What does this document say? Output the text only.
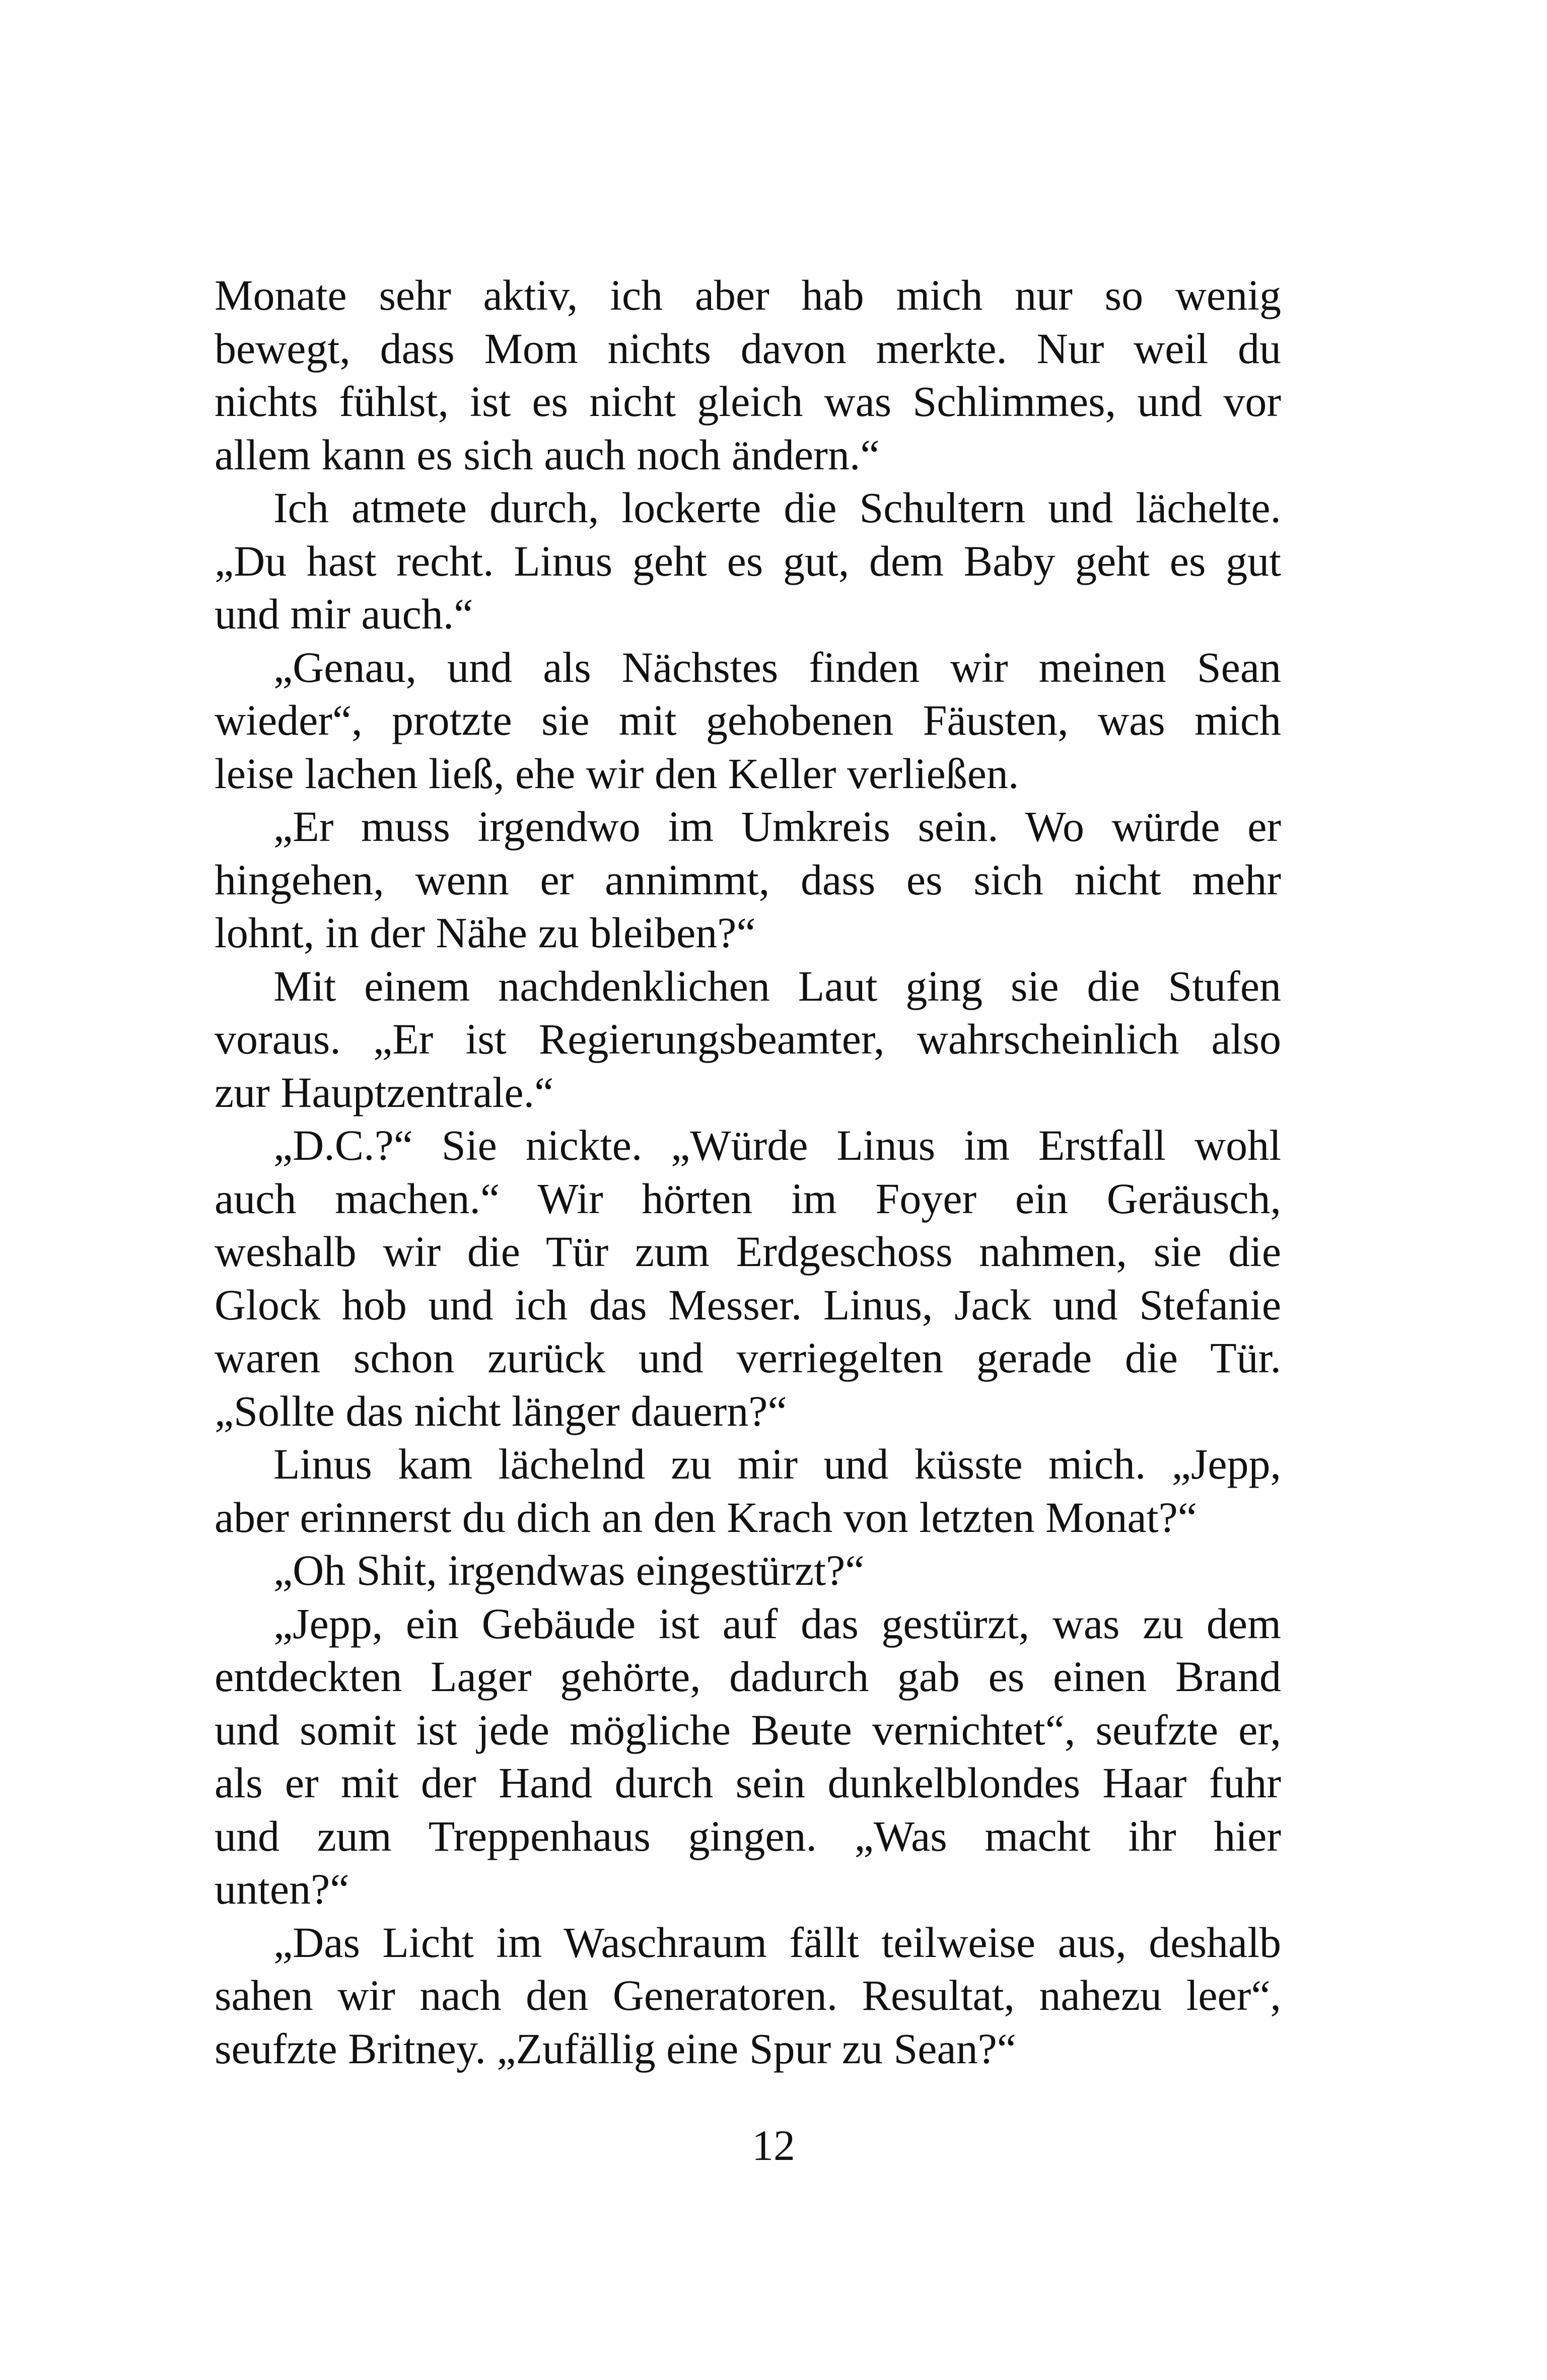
Monate sehr aktiv, ich aber hab mich nur so wenig
bewegt, dass Mom nichts davon merkte. Nur weil du
nichts fühlst, ist es nicht gleich was Schlimmes, und vor
allem kann es sich auch noch ändern.“
Ich atmete durch, lockerte die Schultern und lächelte.
„Du hast recht. Linus geht es gut, dem Baby geht es gut
und mir auch.“
„Genau, und als Nächstes finden wir meinen Sean
wieder“, protzte sie mit gehobenen Fäusten, was mich
leise lachen ließ, ehe wir den Keller verließen.
„Er muss irgendwo im Umkreis sein. Wo würde er
hingehen, wenn er annimmt, dass es sich nicht mehr
lohnt, in der Nähe zu bleiben?“
Mit einem nachdenklichen Laut ging sie die Stufen
voraus. „Er ist Regierungsbeamter, wahrscheinlich also
zur Hauptzentrale.“
„D.C.?“ Sie nickte. „Würde Linus im Erstfall wohl
auch machen.“ Wir hörten im Foyer ein Geräusch,
weshalb wir die Tür zum Erdgeschoss nahmen, sie die
Glock hob und ich das Messer. Linus, Jack und Stefanie
waren schon zurück und verriegelten gerade die Tür.
„Sollte das nicht länger dauern?“
Linus kam lächelnd zu mir und küsste mich. „Jepp,
aber erinnerst du dich an den Krach von letzten Monat?“
„Oh Shit, irgendwas eingestürzt?“
„Jepp, ein Gebäude ist auf das gestürzt, was zu dem
entdeckten Lager gehörte, dadurch gab es einen Brand
und somit ist jede mögliche Beute vernichtet“, seufzte er,
als er mit der Hand durch sein dunkelblondes Haar fuhr
und zum Treppenhaus gingen. „Was macht ihr hier
unten?“
„Das Licht im Waschraum fällt teilweise aus, deshalb
sahen wir nach den Generatoren. Resultat, nahezu leer“,
seufzte Britney. „Zufällig eine Spur zu Sean?“
12
